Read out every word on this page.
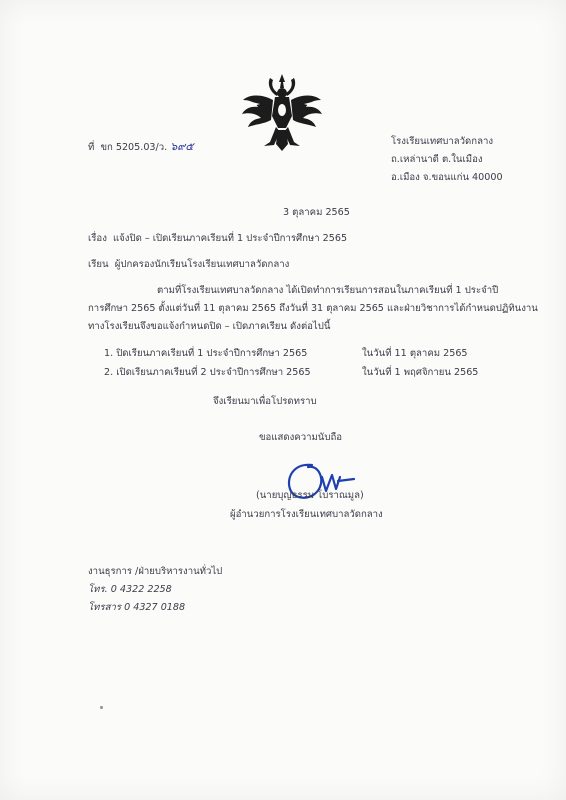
ที่ ขก 5205.03/ว. ๖๙๕	โรงเรียนเทศบาลวัดกลาง
ถ.เหล่านาดี ต.ในเมือง
อ.เมือง จ.ขอนแก่น 40000
3 ตุลาคม 2565
เรื่อง แจ้งปิด – เปิดเรียนภาคเรียนที่ 1 ประจำปีการศึกษา 2565
เรียน ผู้ปกครองนักเรียนโรงเรียนเทศบาลวัดกลาง
ตามที่โรงเรียนเทศบาลวัดกลาง ได้เปิดทำการเรียนการสอนในภาคเรียนที่ 1 ประจำปี
การศึกษา 2565 ตั้งแต่วันที่ 11 ตุลาคม 2565 ถึงวันที่ 31 ตุลาคม 2565 และฝ่ายวิชาการได้กำหนดปฏิทินงาน
ทางโรงเรียนจึงขอแจ้งกำหนดปิด – เปิดภาคเรียน ดังต่อไปนี้
1. ปิดเรียนภาคเรียนที่ 1 ประจำปีการศึกษา 2565	ในวันที่ 11 ตุลาคม 2565
2. เปิดเรียนภาคเรียนที่ 2 ประจำปีการศึกษา 2565	ในวันที่ 1 พฤศจิกายน 2565
จึงเรียนมาเพื่อโปรดทราบ
ขอแสดงความนับถือ
(นายบุญธรรม โบราณมูล)
ผู้อำนวยการโรงเรียนเทศบาลวัดกลาง
งานธุรการ /ฝ่ายบริหารงานทั่วไป
โทร. 0 4322 2258
โทรสาร 0 4327 0188
